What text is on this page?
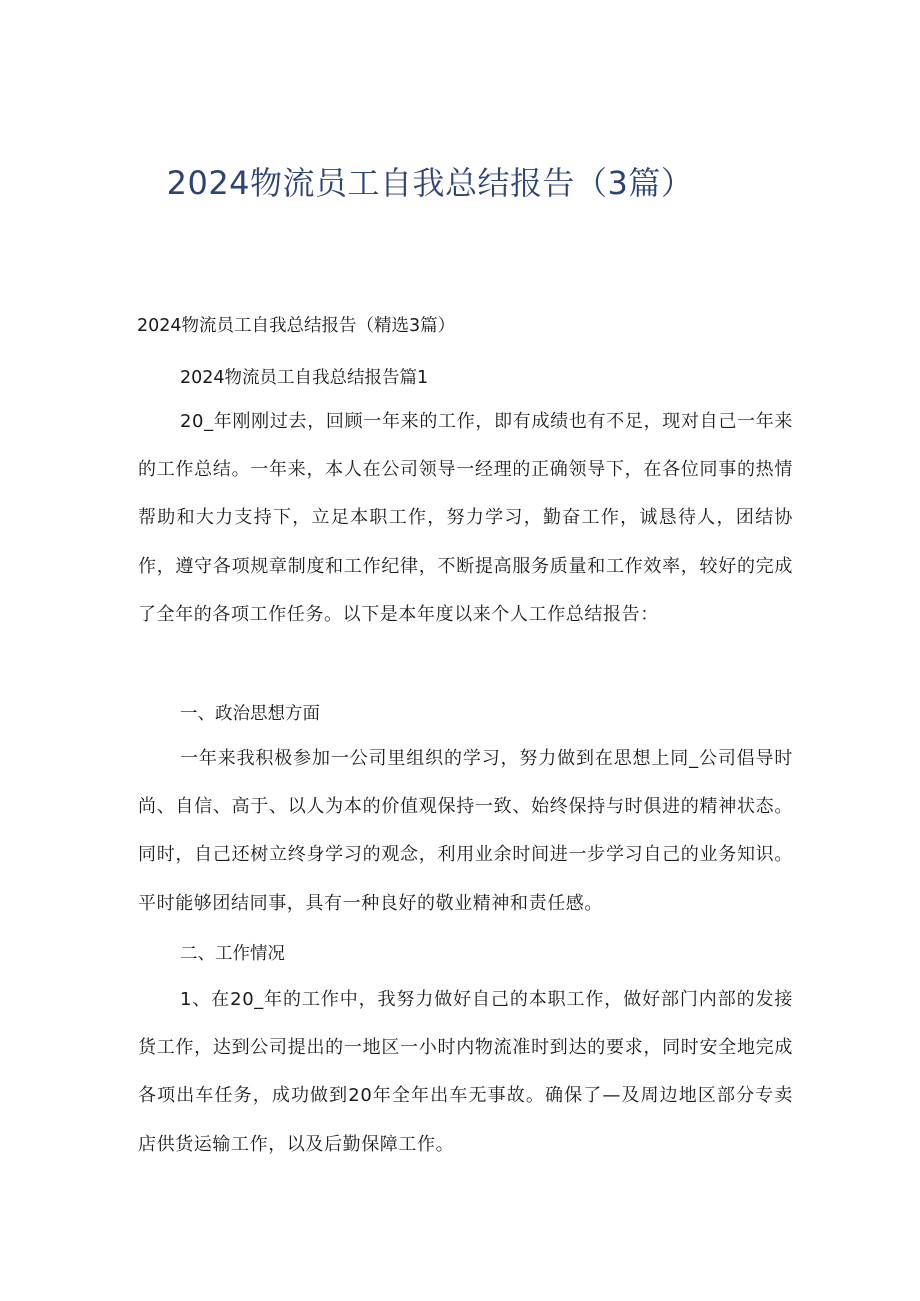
2024物流员工自我总结报告（3篇）

2024物流员工自我总结报告（精选3篇）

2024物流员工自我总结报告篇1

20_年刚刚过去，回顾一年来的工作，即有成绩也有不足，现对自己一年来的工作总结。一年来，本人在公司领导一经理的正确领导下，在各位同事的热情帮助和大力支持下，立足本职工作，努力学习，勤奋工作，诚恳待人，团结协作，遵守各项规章制度和工作纪律，不断提高服务质量和工作效率，较好的完成了全年的各项工作任务。以下是本年度以来个人工作总结报告：

一、政治思想方面

一年来我积极参加一公司里组织的学习，努力做到在思想上同_公司倡导时尚、自信、高于、以人为本的价值观保持一致、始终保持与时俱进的精神状态。同时，自己还树立终身学习的观念，利用业余时间进一步学习自己的业务知识。平时能够团结同事，具有一种良好的敬业精神和责任感。

二、工作情况

1、在20_年的工作中，我努力做好自己的本职工作，做好部门内部的发接货工作，达到公司提出的一地区一小时内物流准时到达的要求，同时安全地完成各项出车任务，成功做到20年全年出车无事故。确保了—及周边地区部分专卖店供货运输工作，以及后勤保障工作。
